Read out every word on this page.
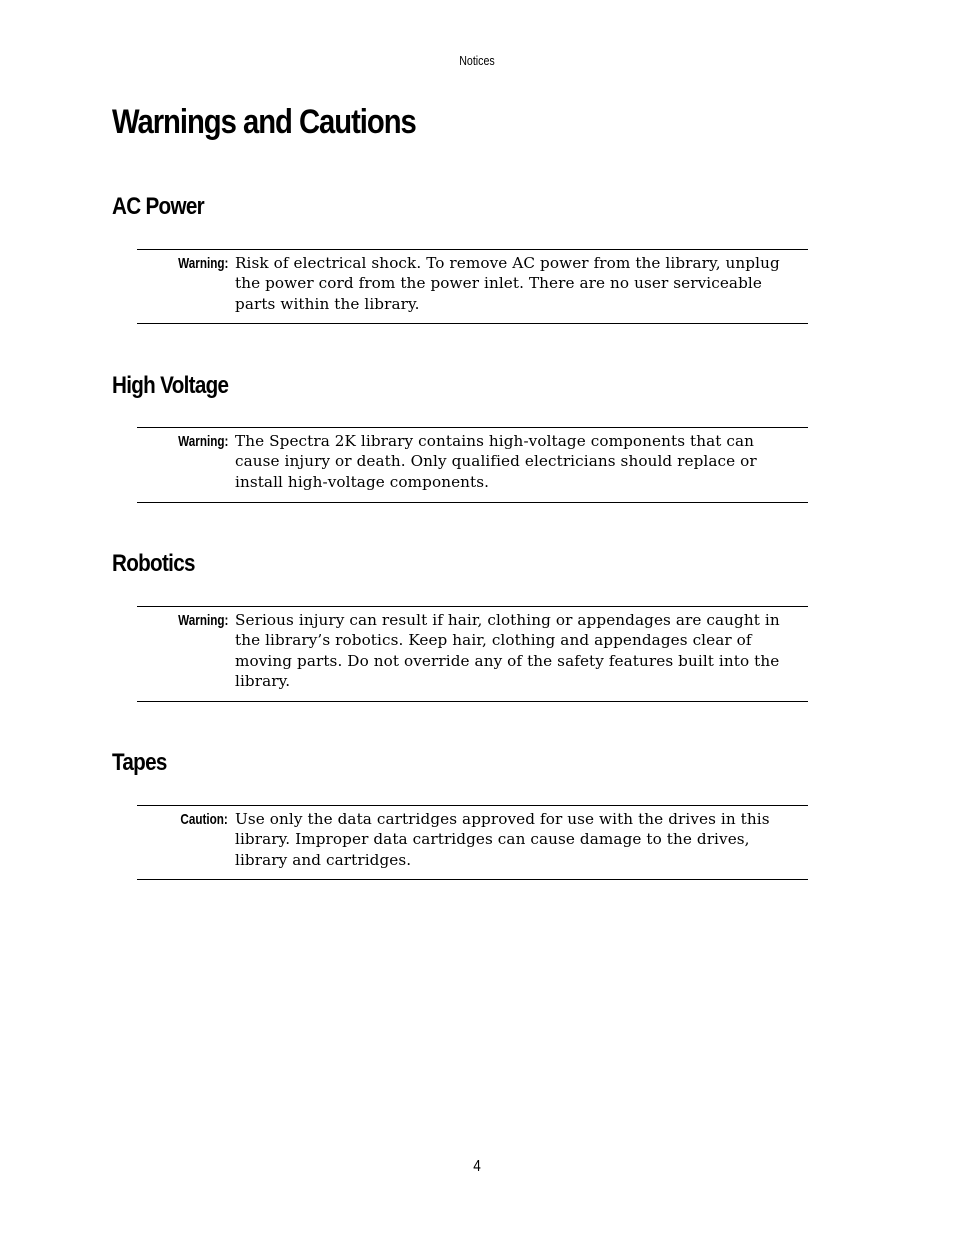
Notices
Warnings and Cautions
AC Power
Warning: Risk of electrical shock. To remove AC power from the library, unplug the power cord from the power inlet. There are no user serviceable parts within the library.

High Voltage
Warning: The Spectra 2K library contains high-voltage components that can cause injury or death. Only qualified electricians should replace or install high-voltage components.

Robotics
Warning: Serious injury can result if hair, clothing or appendages are caught in the library’s robotics. Keep hair, clothing and appendages clear of moving parts. Do not override any of the safety features built into the library.

Tapes
Caution: Use only the data cartridges approved for use with the drives in this library. Improper data cartridges can cause damage to the drives, library and cartridges.

4
